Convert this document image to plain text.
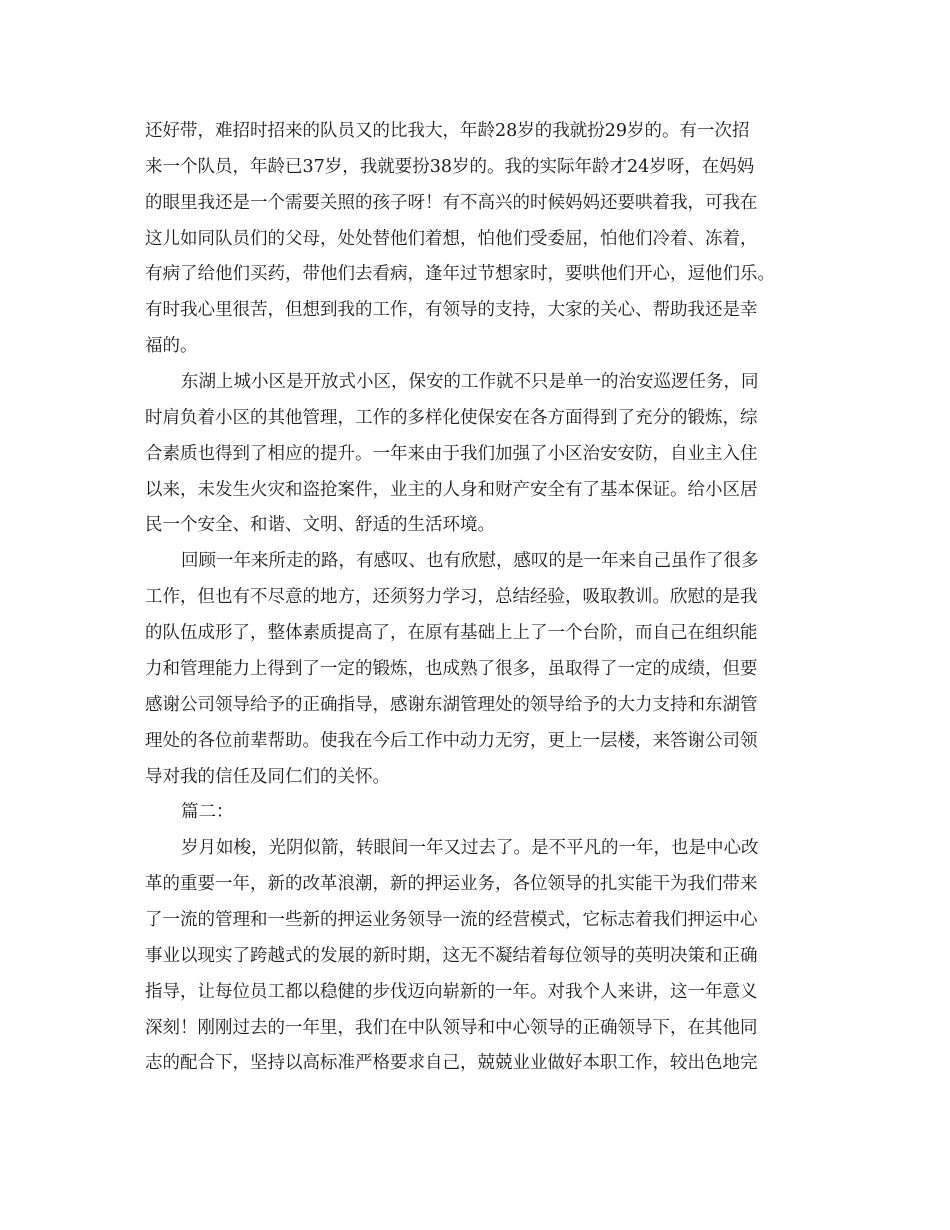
还好带，难招时招来的队员又的比我大，年龄28岁的我就扮29岁的。有一次招
来一个队员，年龄已37岁，我就要扮38岁的。我的实际年龄才24岁呀，在妈妈
的眼里我还是一个需要关照的孩子呀！有不高兴的时候妈妈还要哄着我，可我在
这儿如同队员们的父母，处处替他们着想，怕他们受委屈，怕他们冷着、冻着，
有病了给他们买药，带他们去看病，逢年过节想家时，要哄他们开心，逗他们乐。
有时我心里很苦，但想到我的工作，有领导的支持，大家的关心、帮助我还是幸
福的。
东湖上城小区是开放式小区，保安的工作就不只是单一的治安巡逻任务，同
时肩负着小区的其他管理，工作的多样化使保安在各方面得到了充分的锻炼，综
合素质也得到了相应的提升。一年来由于我们加强了小区治安安防，自业主入住
以来，未发生火灾和盗抢案件，业主的人身和财产安全有了基本保证。给小区居
民一个安全、和谐、文明、舒适的生活环境。
回顾一年来所走的路，有感叹、也有欣慰，感叹的是一年来自己虽作了很多
工作，但也有不尽意的地方，还须努力学习，总结经验，吸取教训。欣慰的是我
的队伍成形了，整体素质提高了，在原有基础上上了一个台阶，而自己在组织能
力和管理能力上得到了一定的锻炼，也成熟了很多，虽取得了一定的成绩，但要
感谢公司领导给予的正确指导，感谢东湖管理处的领导给予的大力支持和东湖管
理处的各位前辈帮助。使我在今后工作中动力无穷，更上一层楼，来答谢公司领
导对我的信任及同仁们的关怀。
篇二：
岁月如梭，光阴似箭，转眼间一年又过去了。是不平凡的一年，也是中心改
革的重要一年，新的改革浪潮，新的押运业务，各位领导的扎实能干为我们带来
了一流的管理和一些新的押运业务领导一流的经营模式，它标志着我们押运中心
事业以现实了跨越式的发展的新时期，这无不凝结着每位领导的英明决策和正确
指导，让每位员工都以稳健的步伐迈向崭新的一年。对我个人来讲，这一年意义
深刻！刚刚过去的一年里，我们在中队领导和中心领导的正确领导下，在其他同
志的配合下，坚持以高标准严格要求自己，兢兢业业做好本职工作，较出色地完
